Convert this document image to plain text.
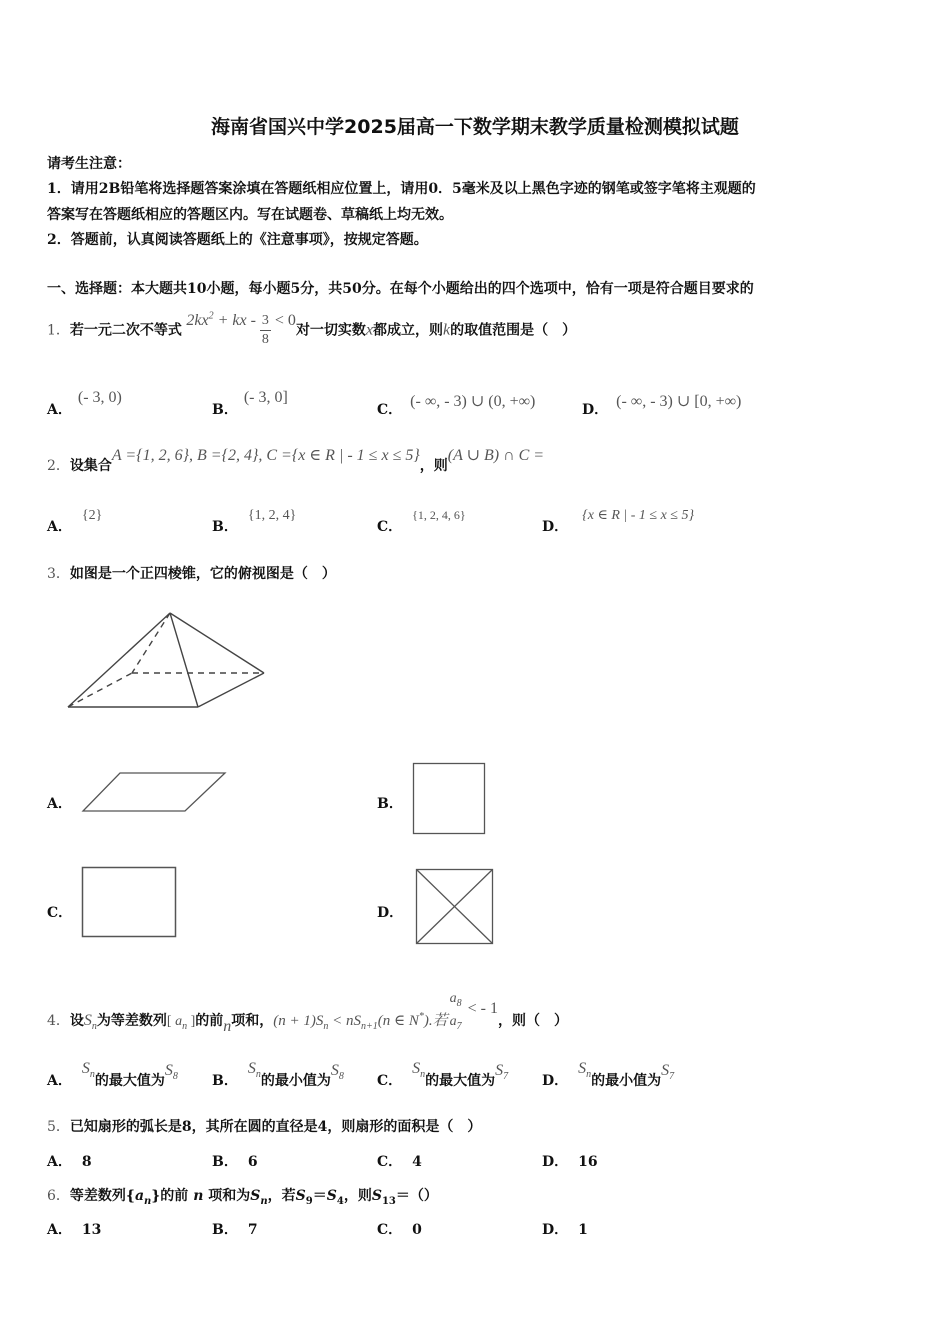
海南省国兴中学2025届高一下数学期末教学质量检测模拟试题
请考生注意：
1．请用2B铅笔将选择题答案涂填在答题纸相应位置上，请用0．5毫米及以上黑色字迹的钢笔或签字笔将主观题的
答案写在答题纸相应的答题区内。写在试题卷、草稿纸上均无效。
2．答题前，认真阅读答题纸上的《注意事项》，按规定答题。
一、选择题：本大题共10小题，每小题5分，共50分。在每个小题给出的四个选项中，恰有一项是符合题目要求的
1．若一元二次不等式 $2kx^2$ + kx - $\frac{3}{8} < 0$对一切实数x都成立，则k的取值范围是（　）
A．(- 3, 0)
B．(- 3, 0]
C． (- ∞, - 3) ∪ (0, +∞)	D． (- ∞, - 3) ∪ [0, +∞)
2．设集合A ={1, 2, 6}, B ={2, 4}, C ={x ∈ R | - 1 ≤ x ≤ 5}，则(A ∪ B) ∩ C =
A．{2}
B．{1, 2, 4}
C．{1, 2, 4, 6}
D．{x ∈ R | - 1 ≤ x ≤ 5}
3．如图是一个正四棱锥，它的俯视图是（　）
A．	B．
C．	D．
4．设$S_n$为等差数列[ $a_n$ ]的前n项和，$(n + 1)S_n < nS_{n+1}(n$ ∈ N*).若
$a_8$
$a_7$
< - 1，则（　）
A．$S_n$的最大值为$S_8$ B．$S_n$的最小值为$S_8$ C．$S_n$的最大值为$S_7$ D．$S_n$的最小值为$S_7$
5．已知扇形的弧长是8，其所在圆的直径是4，则扇形的面积是（　）
A． 8	B． 6	C． 4	D． 16
6．等差数列$\{a_n\}$的前 n 项和为$S_n$，若$S_9=S_4$，则$S_{13}=()$
A． 13	B． 7	C． 0	D． 1
